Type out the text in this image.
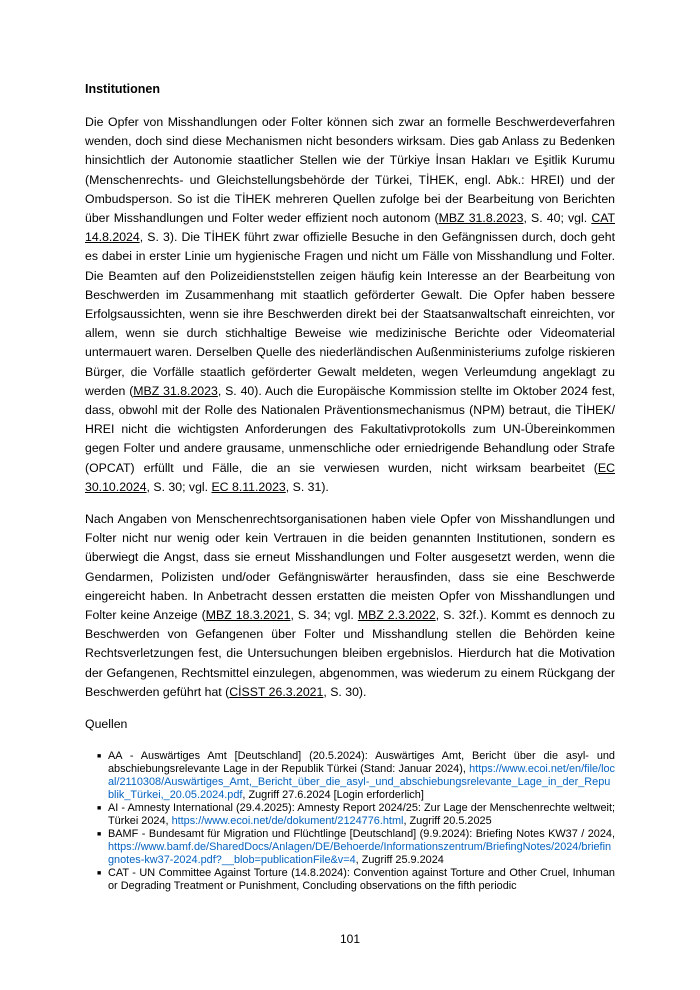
Institutionen

Die Opfer von Misshandlungen oder Folter können sich zwar an formelle Beschwerdeverfahren wenden, doch sind diese Mechanismen nicht besonders wirksam. Dies gab Anlass zu Bedenken hinsichtlich der Autonomie staatlicher Stellen wie der Türkiye İnsan Hakları ve Eşitlik Kurumu (Menschenrechts- und Gleichstellungsbehörde der Türkei, TİHEK, engl. Abk.: HREI) und der Ombudsperson. So ist die TİHEK mehreren Quellen zufolge bei der Bearbeitung von Berichten über Misshandlungen und Folter weder effizient noch autonom (MBZ 31.8.2023, S. 40; vgl. CAT 14.8.2024, S. 3). Die TİHEK führt zwar offizielle Besuche in den Gefängnissen durch, doch geht es dabei in erster Linie um hygienische Fragen und nicht um Fälle von Misshandlung und Folter. Die Beamten auf den Polizeidienststellen zeigen häufig kein Interesse an der Bearbeitung von Beschwerden im Zusammenhang mit staatlich geförderter Gewalt. Die Opfer haben bessere Erfolgsaussichten, wenn sie ihre Beschwerden direkt bei der Staatsanwaltschaft einreichten, vor allem, wenn sie durch stichhaltige Beweise wie medizinische Berichte oder Videomaterial untermauert waren. Derselben Quelle des niederländischen Außenministeriums zufolge riskieren Bürger, die Vorfälle staatlich geförderter Gewalt meldeten, wegen Verleumdung angeklagt zu werden (MBZ 31.8.2023, S. 40). Auch die Europäische Kommission stellte im Oktober 2024 fest, dass, obwohl mit der Rolle des Nationalen Präventionsmechanismus (NPM) betraut, die TİHEK/ HREI nicht die wichtigsten Anforderungen des Fakultativprotokolls zum UN-Übereinkommen gegen Folter und andere grausame, unmenschliche oder erniedrigende Behandlung oder Strafe (OPCAT) erfüllt und Fälle, die an sie verwiesen wurden, nicht wirksam bearbeitet (EC 30.10.2024, S. 30; vgl. EC 8.11.2023, S. 31).

Nach Angaben von Menschenrechtsorganisationen haben viele Opfer von Misshandlungen und Folter nicht nur wenig oder kein Vertrauen in die beiden genannten Institutionen, sondern es überwiegt die Angst, dass sie erneut Misshandlungen und Folter ausgesetzt werden, wenn die Gendarmen, Polizisten und/oder Gefängniswärter herausfinden, dass sie eine Beschwerde eingereicht haben. In Anbetracht dessen erstatten die meisten Opfer von Misshandlungen und Folter keine Anzeige (MBZ 18.3.2021, S. 34; vgl. MBZ 2.3.2022, S. 32f.). Kommt es dennoch zu Beschwerden von Gefangenen über Folter und Misshandlung stellen die Behörden keine Rechtsverletzungen fest, die Untersuchungen bleiben ergebnislos. Hierdurch hat die Motivation der Gefangenen, Rechtsmittel einzulegen, abgenommen, was wiederum zu einem Rückgang der Beschwerden geführt hat (CİSST 26.3.2021, S. 30).

Quellen

■
AA - Auswärtiges Amt [Deutschland] (20.5.2024): Auswärtiges Amt, Bericht über die asyl- und abschiebungsrelevante Lage in der Republik Türkei (Stand: Januar 2024), https://www.ecoi.net/en/file/local/2110308/Auswärtiges_Amt,_Bericht_über_die_asyl-_und_abschiebungsrelevante_Lage_in_der_Republik_Türkei,_20.05.2024.pdf, Zugriff 27.6.2024 [Login erforderlich]
■
AI - Amnesty International (29.4.2025): Amnesty Report 2024/25: Zur Lage der Menschenrechte weltweit; Türkei 2024, https://www.ecoi.net/de/dokument/2124776.html, Zugriff 20.5.2025
■
BAMF - Bundesamt für Migration und Flüchtlinge [Deutschland] (9.9.2024): Briefing Notes KW37 / 2024, https://www.bamf.de/SharedDocs/Anlagen/DE/Behoerde/Informationszentrum/BriefingNotes/2024/briefingnotes-kw37-2024.pdf?__blob=publicationFile&v=4, Zugriff 25.9.2024
■
CAT - UN Committee Against Torture (14.8.2024): Convention against Torture and Other Cruel, Inhuman or Degrading Treatment or Punishment, Concluding observations on the fifth periodic
101
